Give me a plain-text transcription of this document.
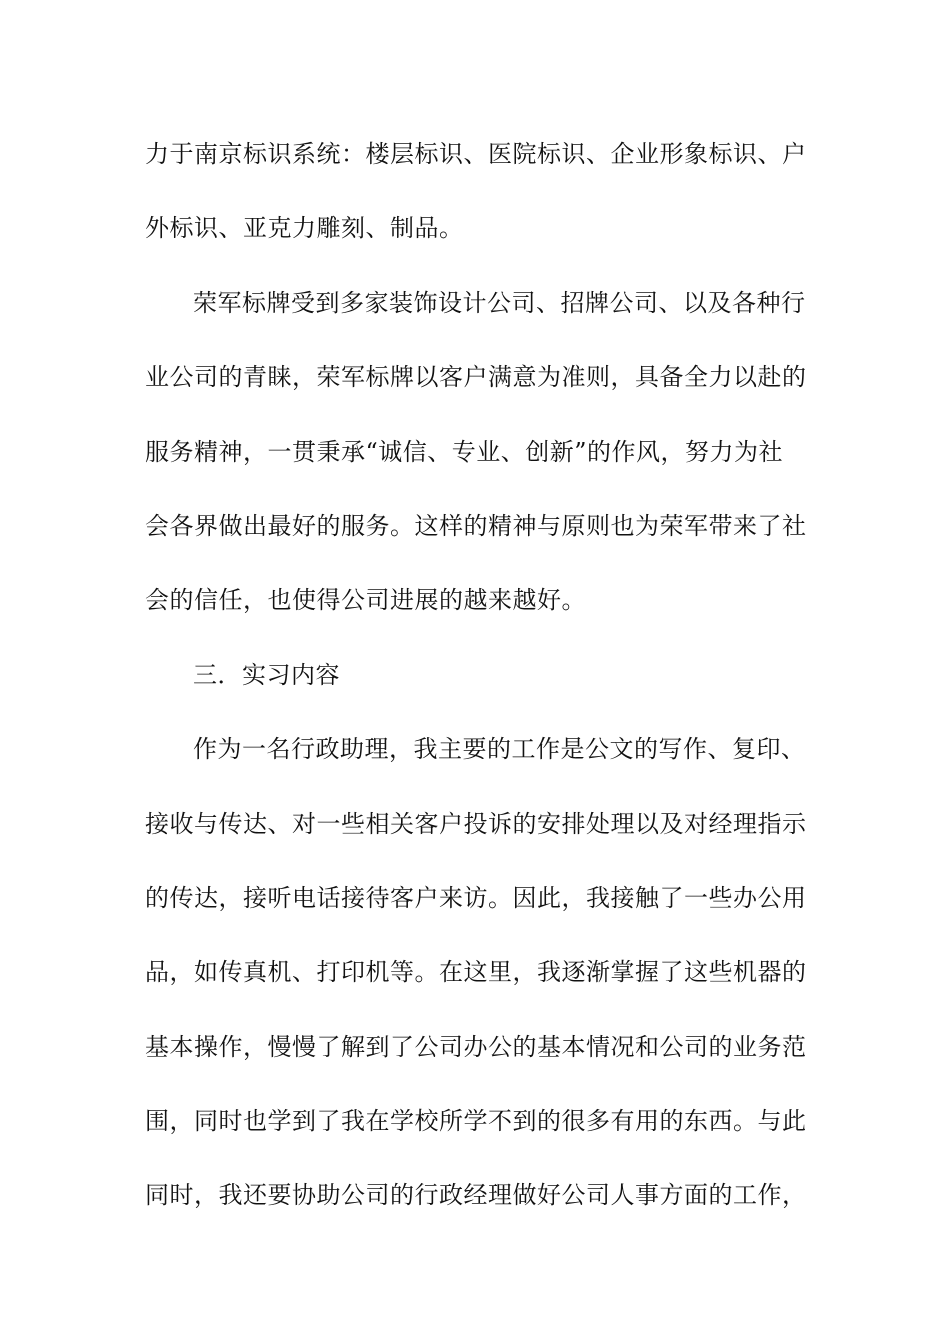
力于南京标识系统：楼层标识、医院标识、企业形象标识、户
外标识、亚克力雕刻、制品。
荣军标牌受到多家装饰设计公司、招牌公司、以及各种行
业公司的青睐，荣军标牌以客户满意为准则，具备全力以赴的
服务精神，一贯秉承“诚信、专业、创新”的作风，努力为社
会各界做出最好的服务。这样的精神与原则也为荣军带来了社
会的信任，也使得公司进展的越来越好。
三．实习内容
作为一名行政助理，我主要的工作是公文的写作、复印、
接收与传达、对一些相关客户投诉的安排处理以及对经理指示
的传达，接听电话接待客户来访。因此，我接触了一些办公用
品，如传真机、打印机等。在这里，我逐渐掌握了这些机器的
基本操作，慢慢了解到了公司办公的基本情况和公司的业务范
围，同时也学到了我在学校所学不到的很多有用的东西。与此
同时，我还要协助公司的行政经理做好公司人事方面的工作，
